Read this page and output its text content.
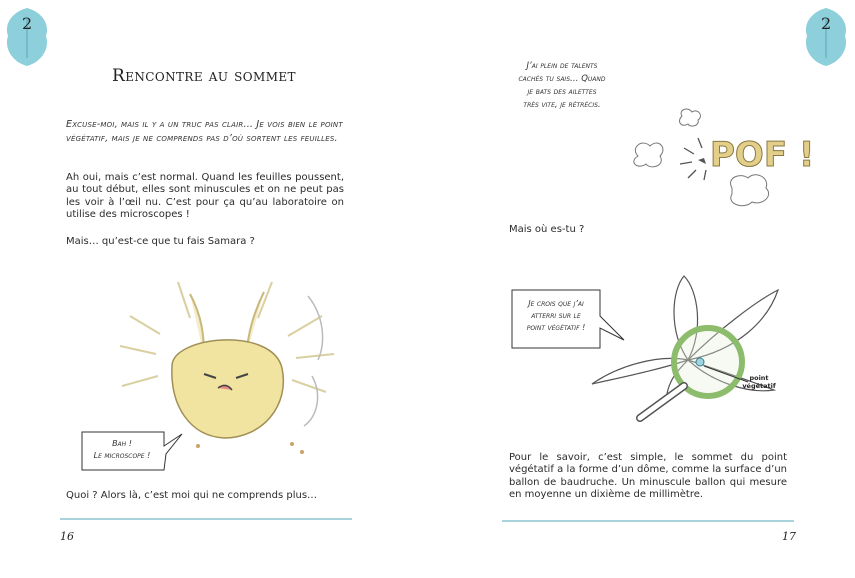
2
Rencontre au sommet
Excuse-moi, mais il y a un truc pas clair… Je vois bien le point végétatif, mais je ne comprends pas d’où sortent les feuilles.
Ah oui, mais c’est normal. Quand les feuilles poussent, au tout début, elles sont minuscules et on ne peut pas les voir à l’œil nu. C’est pour ça qu’au laboratoire on utilise des microscopes !
Mais… qu’est-ce que tu fais Samara ?
Bah !
Le microscope !
Quoi ? Alors là, c’est moi qui ne comprends plus…
16
2
J’ai plein de talents
cachés tu sais… Quand
je bats des ailettes
très vite, je rétrécis.
POF !
Mais où es-tu ?
Je crois que j’ai
atterri sur le
point végétatif !
point
végétatif
Pour le savoir, c’est simple, le sommet du point végétatif a la forme d’un dôme, comme la surface d’un ballon de baudruche. Un minuscule ballon qui mesure en moyenne un dixième de millimètre.
17
